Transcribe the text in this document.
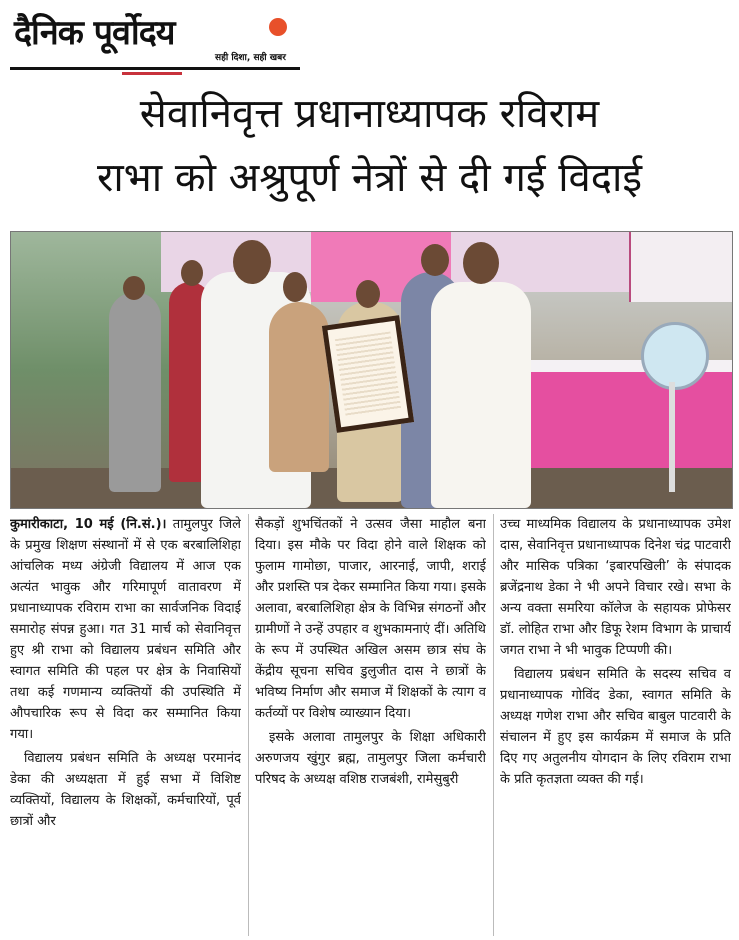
दैनिक पूर्वोदय
सही दिशा, सही खबर
सेवानिवृत्त प्रधानाध्यापक रविराम
राभा को अश्रुपूर्ण नेत्रों से दी गई विदाई

कुमारीकाटा, 10 मई (नि.सं.)। तामुलपुर जिले के प्रमुख शिक्षण संस्थानों में से एक बरबालिशिहा आंचलिक मध्य अंग्रेजी विद्यालय में आज एक अत्यंत भावुक और गरिमापूर्ण वातावरण में प्रधानाध्यापक रविराम राभा का सार्वजनिक विदाई समारोह संपन्न हुआ। गत 31 मार्च को सेवानिवृत्त हुए श्री राभा को विद्यालय प्रबंधन समिति और स्वागत समिति की पहल पर क्षेत्र के निवासियों तथा कई गणमान्य व्यक्तियों की उपस्थिति में औपचारिक रूप से विदा कर सम्मानित किया गया।

विद्यालय प्रबंधन समिति के अध्यक्ष परमानंद डेका की अध्यक्षता में हुई सभा में विशिष्ट व्यक्तियों, विद्यालय के शिक्षकों, कर्मचारियों, पूर्व छात्रों और

सैकड़ों शुभचिंतकों ने उत्सव जैसा माहौल बना दिया। इस मौके पर विदा होने वाले शिक्षक को फुलाम गामोछा, पाजार, आरनाई, जापी, शराई और प्रशस्ति पत्र देकर सम्मानित किया गया। इसके अलावा, बरबालिशिहा क्षेत्र के विभिन्न संगठनों और ग्रामीणों ने उन्हें उपहार व शुभकामनाएं दीं। अतिथि के रूप में उपस्थित अखिल असम छात्र संघ के केंद्रीय सूचना सचिव डुलुजीत दास ने छात्रों के भविष्य निर्माण और समाज में शिक्षकों के त्याग व कर्तव्यों पर विशेष व्याख्यान दिया।

इसके अलावा तामुलपुर के शिक्षा अधिकारी अरुणजय खुंगुर ब्रह्म, तामुलपुर जिला कर्मचारी परिषद के अध्यक्ष वशिष्ठ राजबंशी, रामेसुबुरी

उच्च माध्यमिक विद्यालय के प्रधानाध्यापक उमेश दास, सेवानिवृत्त प्रधानाध्यापक दिनेश चंद्र पाटवारी और मासिक पत्रिका ‘इबारपखिली’ के संपादक ब्रजेंद्रनाथ डेका ने भी अपने विचार रखे। सभा के अन्य वक्ता समरिया कॉलेज के सहायक प्रोफेसर डॉ. लोहित राभा और डिफू रेशम विभाग के प्राचार्य जगत राभा ने भी भावुक टिप्पणी की।

विद्यालय प्रबंधन समिति के सदस्य सचिव व प्रधानाध्यापक गोविंद डेका, स्वागत समिति के अध्यक्ष गणेश राभा और सचिव बाबुल पाटवारी के संचालन में हुए इस कार्यक्रम में समाज के प्रति दिए गए अतुलनीय योगदान के लिए रविराम राभा के प्रति कृतज्ञता व्यक्त की गई।
